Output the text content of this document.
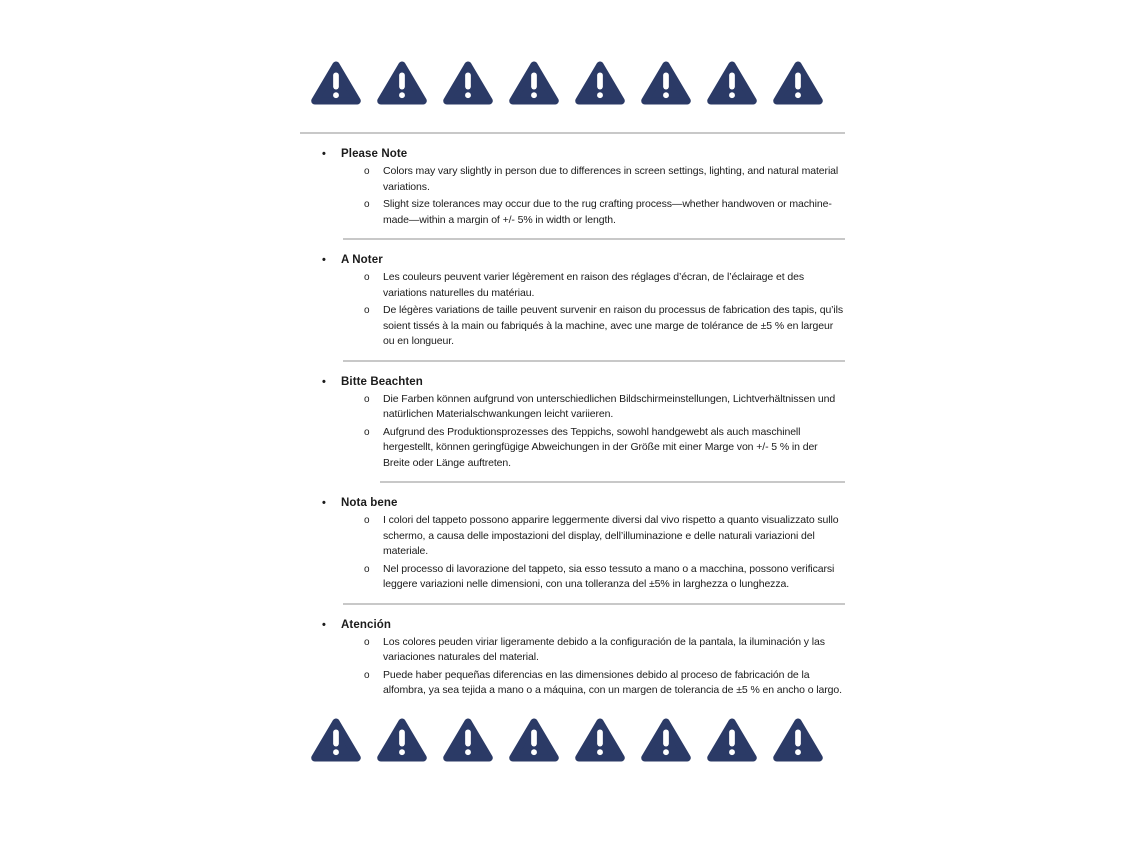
•	Please Note
o	Colors may vary slightly in person due to differences in screen settings, lighting, and natural material variations.

o	Slight size tolerances may occur due to the rug crafting process—whether handwoven or machine-made—within a margin of +/- 5% in width or length.

•	A Noter
o	Les couleurs peuvent varier légèrement en raison des réglages d’écran, de l’éclairage et des variations naturelles du matériau.

o	De légères variations de taille peuvent survenir en raison du processus de fabrication des tapis, qu’ils soient tissés à la main ou fabriqués à la machine, avec une marge de tolérance de ±5 % en largeur ou en longueur.

•	Bitte Beachten
o	Die Farben können aufgrund von unterschiedlichen Bildschirmeinstellungen, Lichtverhältnissen und natürlichen Materialschwankungen leicht variieren.

o	Aufgrund des Produktionsprozesses des Teppichs, sowohl handgewebt als auch maschinell hergestellt, können geringfügige Abweichungen in der Größe mit einer Marge von +/- 5 % in der Breite oder Länge auftreten.

•	Nota bene
o	I colori del tappeto possono apparire leggermente diversi dal vivo rispetto a quanto visualizzato sullo schermo, a causa delle impostazioni del display, dell’illuminazione e delle naturali variazioni del materiale.

o	Nel processo di lavorazione del tappeto, sia esso tessuto a mano o a macchina, possono verificarsi leggere variazioni nelle dimensioni, con una tolleranza del ±5% in larghezza o lunghezza.

•	Atención
o	Los colores peuden viriar ligeramente debido a la configuración de la pantala, la iluminación y las variaciones naturales del material.

o	Puede haber pequeñas diferencias en las dimensiones debido al proceso de fabricación de la alfombra, ya sea tejida a mano o a máquina, con un margen de tolerancia de ±5 % en ancho o largo.
